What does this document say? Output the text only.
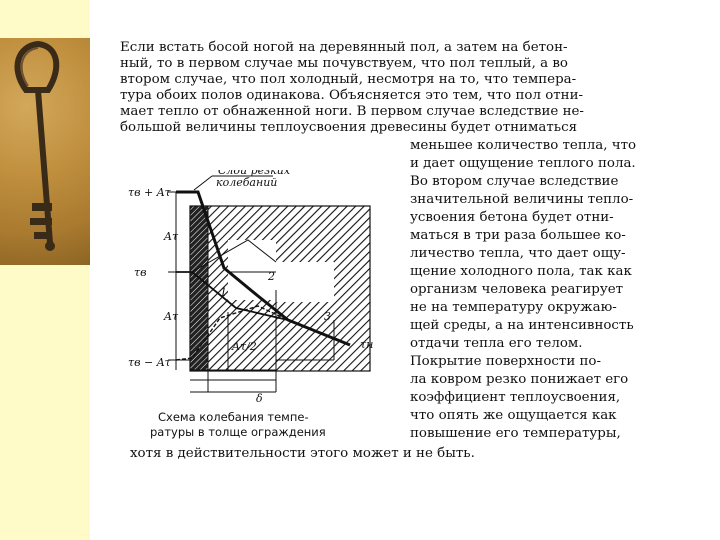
Если встать босой ногой на деревянный пол, а затем на бетон-
ный, то в первом случае мы почувствуем, что пол теплый, а во
втором случае, что пол холодный, несмотря на то, что темпера-
тура обоих полов одинакова. Объясняется это тем, что пол отни-
мает тепло от обнаженной ноги. В первом случае вследствие не-
большой величины теплоусвоения древесины будет отниматься
меньшее количество тепла, что
и дает ощущение теплого пола.
Во втором случае вследствие
значительной величины тепло-
усвоения бетона будет отни-
маться в три раза большее ко-
личество тепла, что дает ощу-
щение холодного пола, так как
организм человека реагирует
не на температуру окружаю-
щей среды, а на интенсивность
отдачи тепла его телом.
Покрытие поверхности по-
ла ковром резко понижает его
коэффициент теплоусвоения,
что опять же ощущается как
повышение его температуры,
хотя в действительности этого может и не быть.
τв + Aτ
τв
τв − Aτ
τн
Aτ
Aτ
Aτ/2
δ
1
2
3
Слой резких
колебаний
Схема колебания темпе-
ратуры в толще ограждения
